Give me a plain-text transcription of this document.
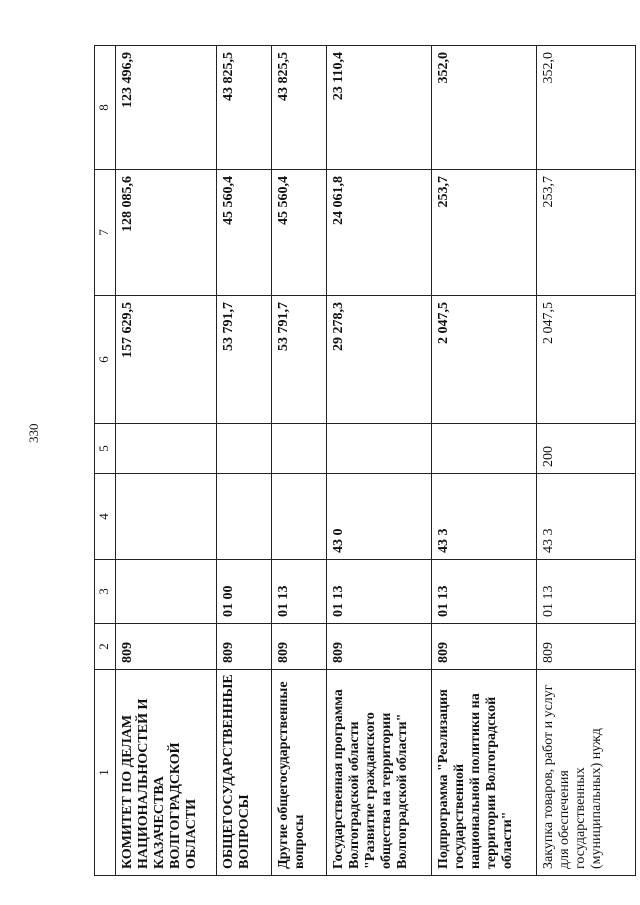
330
1	2	3	4	5	6	7	8
КОМИТЕТ ПО ДЕЛАМ НАЦИОНАЛЬНОСТЕЙ И КАЗАЧЕСТВА ВОЛГОГРАДСКОЙ ОБЛАСТИ	809				157 629,5	128 085,6	123 496,9
ОБЩЕГОСУДАРСТВЕННЫЕ ВОПРОСЫ	809	01 00			53 791,7	45 560,4	43 825,5
Другие общегосударственные вопросы	809	01 13			53 791,7	45 560,4	43 825,5
Государственная программа Волгоградской области "Развитие гражданского общества на территории Волгоградской области"	809	01 13	43 0		29 278,3	24 061,8	23 110,4
Подпрограмма "Реализация государственной национальной политики на территории Волгоградской области"	809	01 13	43 3		2 047,5	253,7	352,0
Закупка товаров, работ и услуг для обеспечения государственных (муниципальных) нужд	809	01 13	43 3	200	2 047,5	253,7	352,0
